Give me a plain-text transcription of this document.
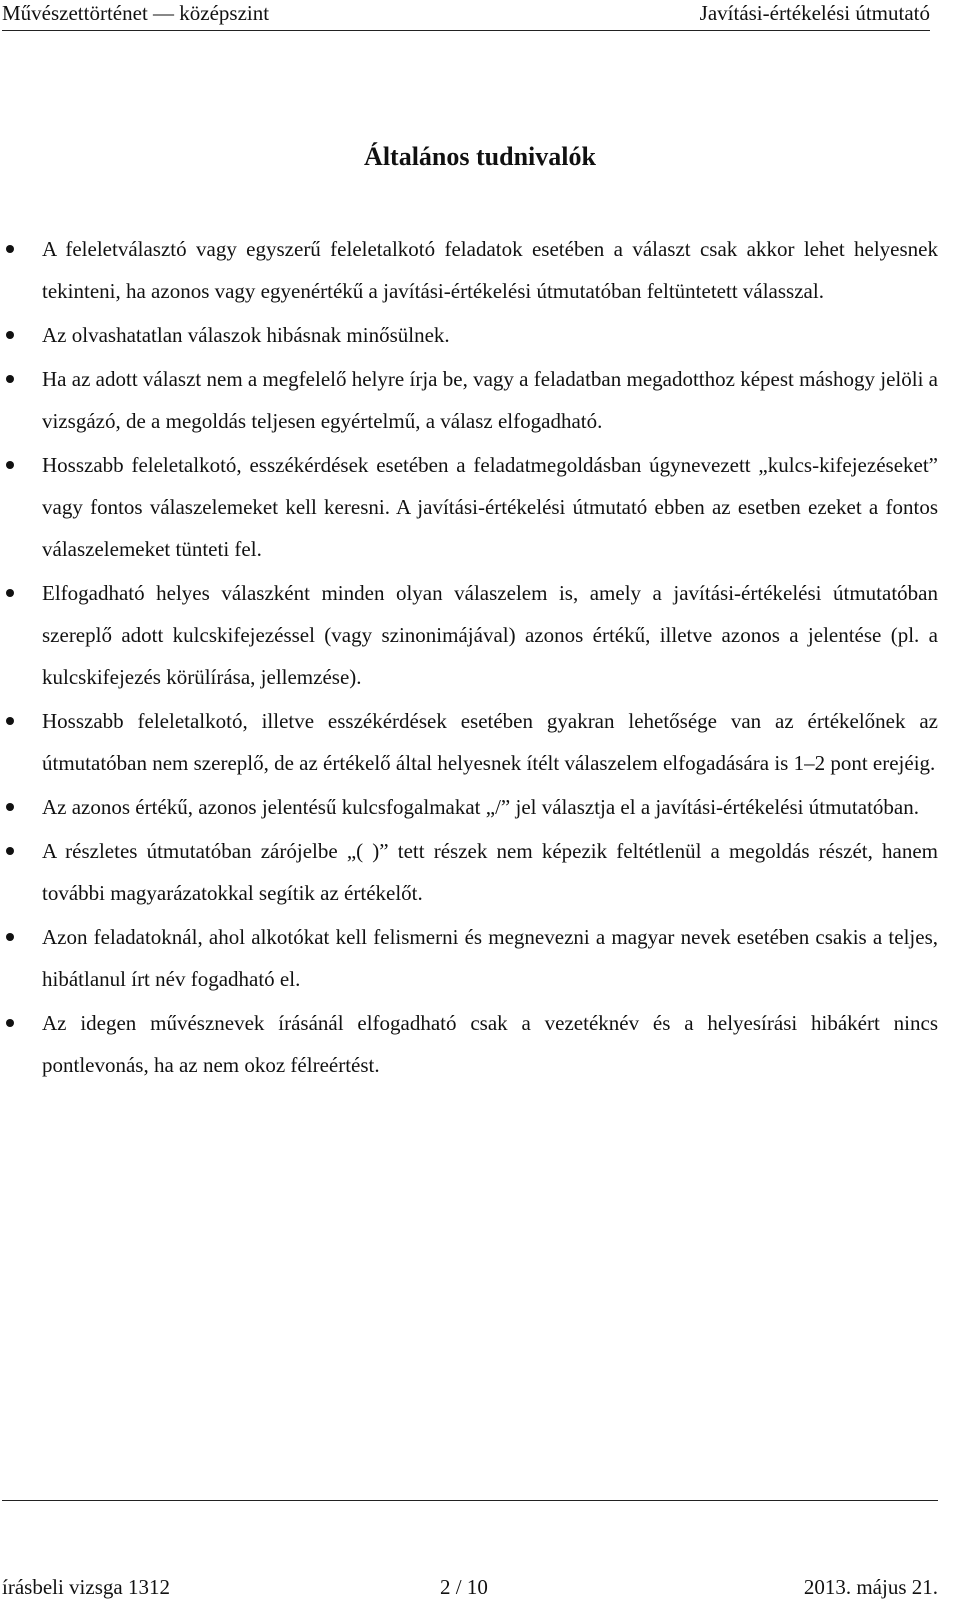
Művészettörténet — középszint	Javítási-értékelési útmutató
Általános tudnivalók
A feleletválasztó vagy egyszerű feleletalkotó feladatok esetében a választ csak akkor lehet helyesnek tekinteni, ha azonos vagy egyenértékű a javítási-értékelési útmutatóban feltüntetett válasszal.
Az olvashatatlan válaszok hibásnak minősülnek.
Ha az adott választ nem a megfelelő helyre írja be, vagy a feladatban megadotthoz képest máshogy jelöli a vizsgázó, de a megoldás teljesen egyértelmű, a válasz elfogadható.
Hosszabb feleletalkotó, esszékérdések esetében a feladatmegoldásban úgynevezett „kulcs-kifejezéseket” vagy fontos válaszelemeket kell keresni. A javítási-értékelési útmutató ebben az esetben ezeket a fontos válaszelemeket tünteti fel.
Elfogadható helyes válaszként minden olyan válaszelem is, amely a javítási-értékelési útmutatóban szereplő adott kulcskifejezéssel (vagy szinonimájával) azonos értékű, illetve azonos a jelentése (pl. a kulcskifejezés körülírása, jellemzése).
Hosszabb feleletalkotó, illetve esszékérdések esetében gyakran lehetősége van az értékelőnek az útmutatóban nem szereplő, de az értékelő által helyesnek ítélt válaszelem elfogadására is 1–2 pont erejéig.
Az azonos értékű, azonos jelentésű kulcsfogalmakat „/” jel választja el a javítási-értékelési útmutatóban.
A részletes útmutatóban zárójelbe „( )” tett részek nem képezik feltétlenül a megoldás részét, hanem további magyarázatokkal segítik az értékelőt.
Azon feladatoknál, ahol alkotókat kell felismerni és megnevezni a magyar nevek esetében csakis a teljes, hibátlanul írt név fogadható el.
Az idegen művésznevek írásánál elfogadható csak a vezetéknév és a helyesírási hibákért nincs pontlevonás, ha az nem okoz félreértést.
írásbeli vizsga 1312	2 / 10	2013. május 21.
